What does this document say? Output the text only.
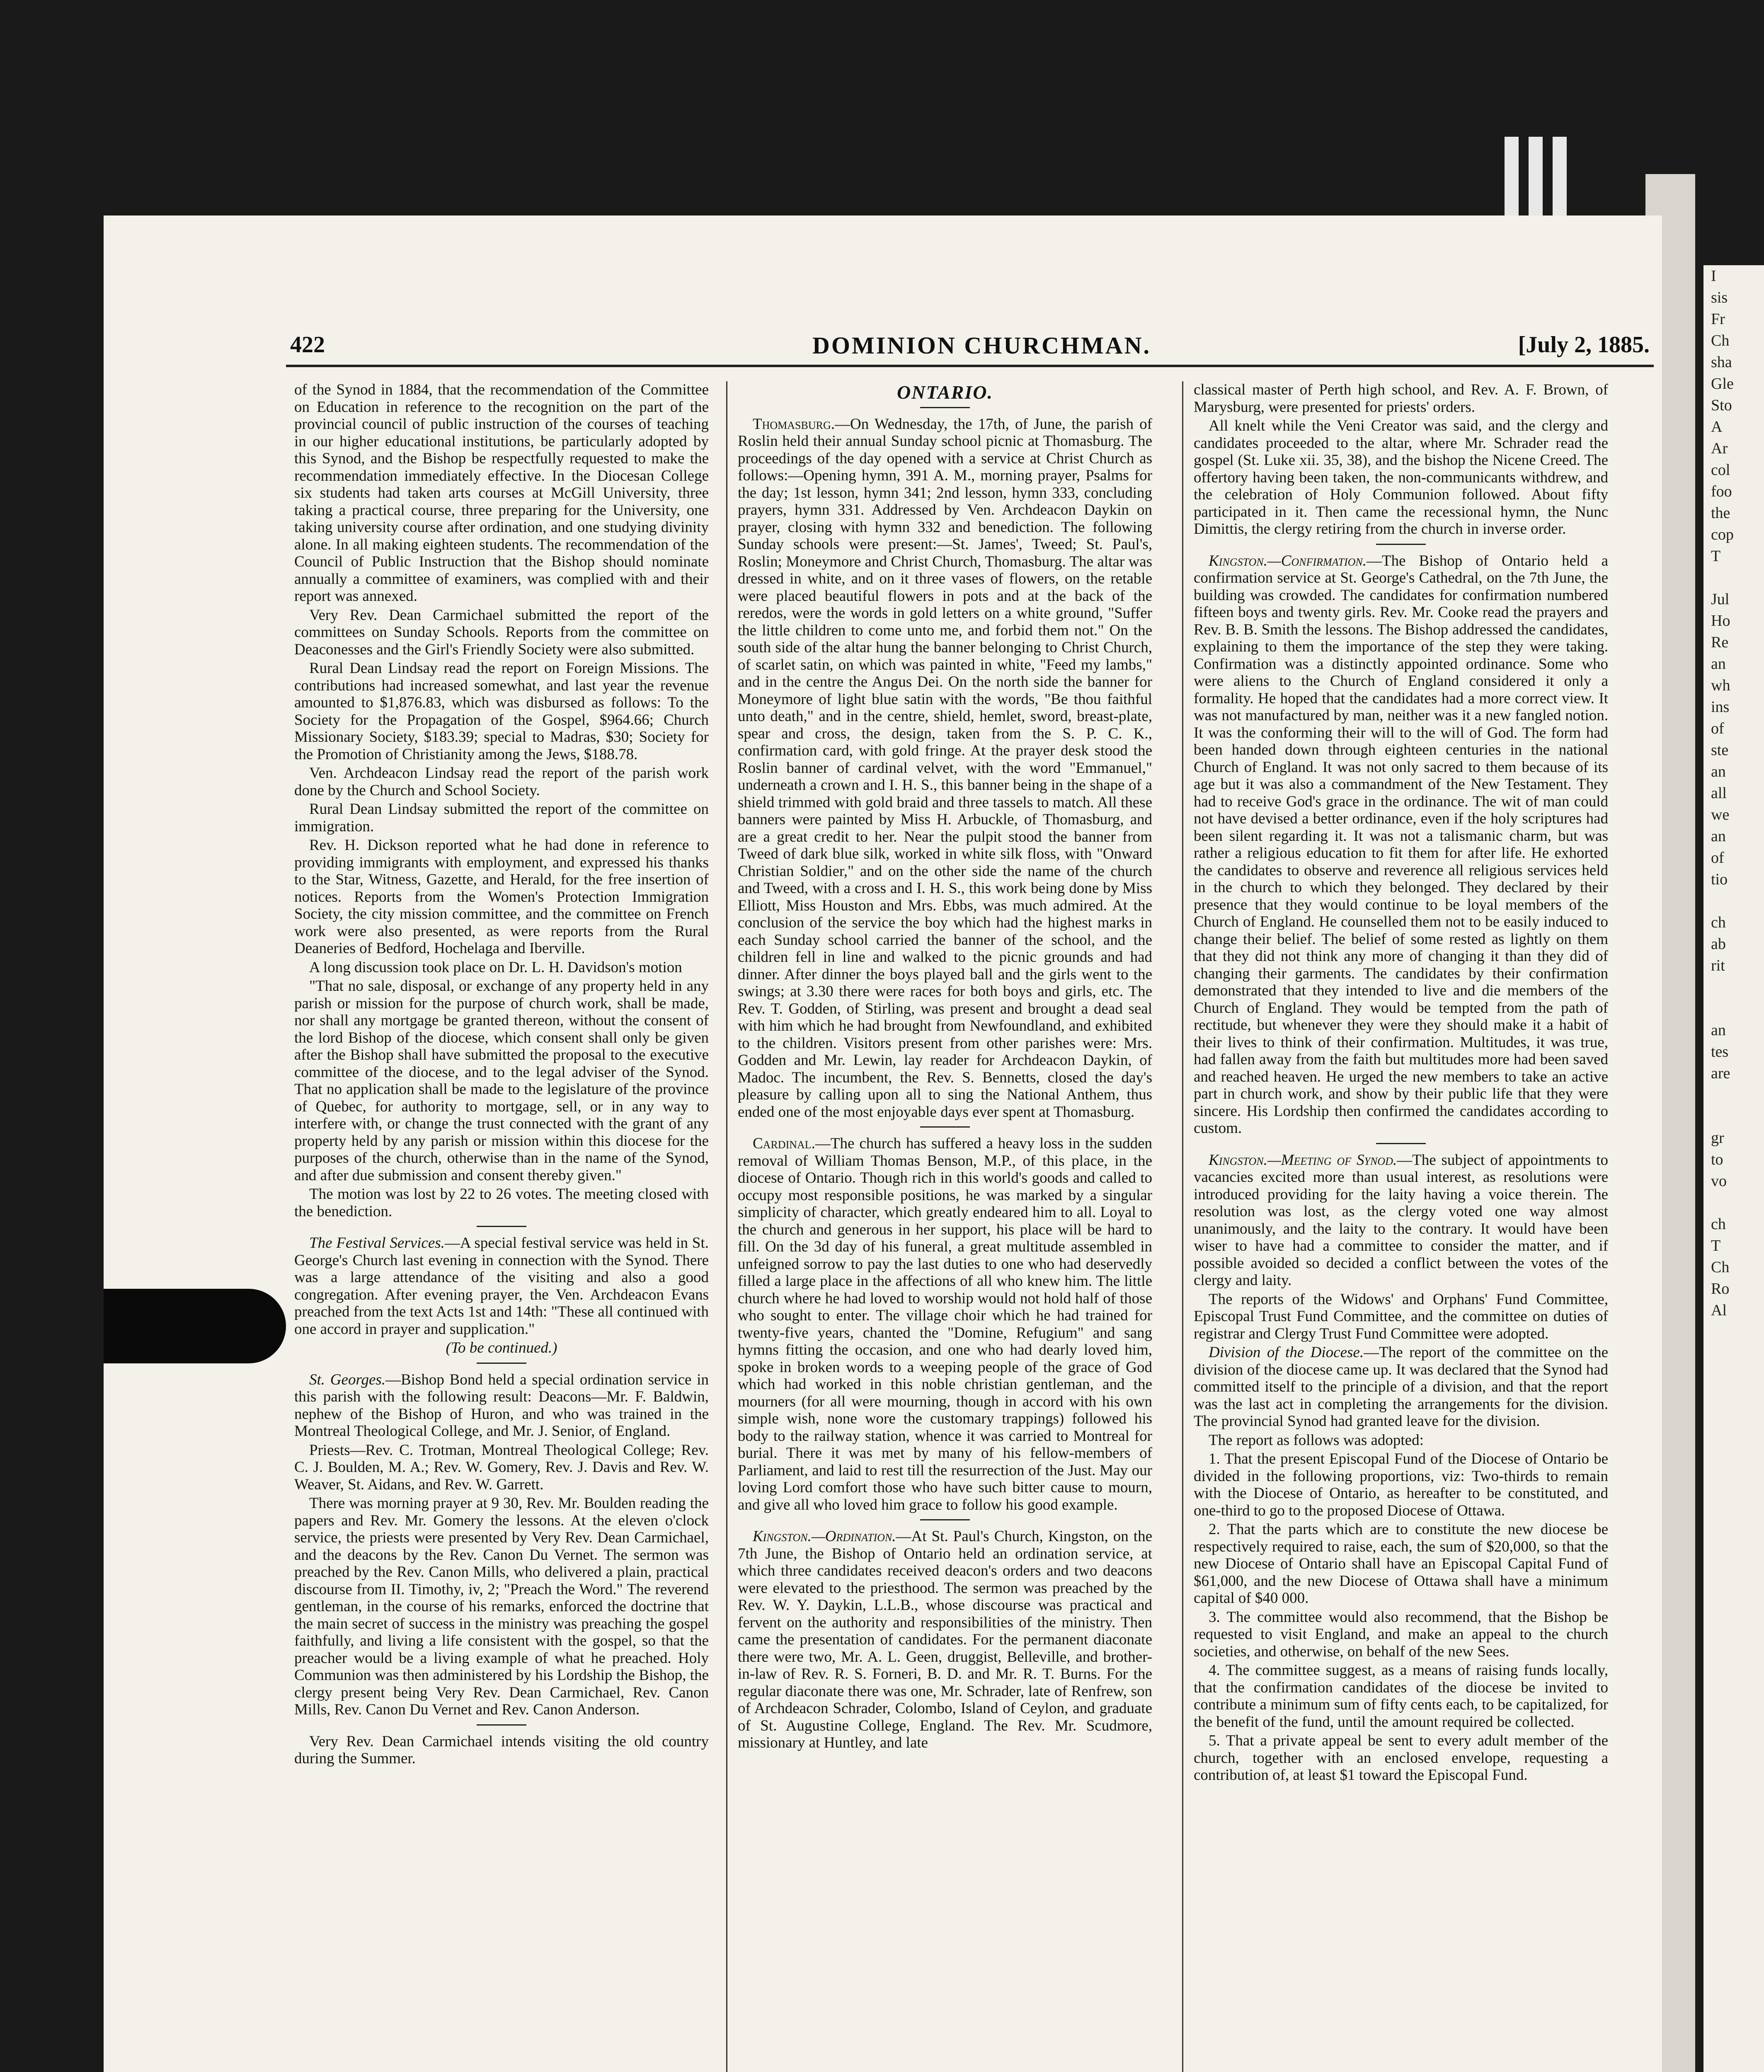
I
sis
Fr
Ch
sha
Gle
Sto
A
Ar
col
foo
the
cop
T

Jul
Ho
Re
an
wh
ins
of
ste
an
all
we
an
of
tio

ch
ab
rit

an
tes
are

gr
to
vo

ch
T
Ch
Ro
Al
422	DOMINION CHURCHMAN.	[July 2, 1885.

of the Synod in 1884, that the recommendation of the Committee on Education in reference to the recognition on the part of the provincial council of public instruction of the courses of teaching in our higher educational institutions, be particularly adopted by this Synod, and the Bishop be respectfully requested to make the recommendation immediately effective. In the Diocesan College six students had taken arts courses at McGill University, three taking a practical course, three preparing for the University, one taking university course after ordination, and one studying divinity alone. In all making eighteen students. The recommendation of the Council of Public Instruction that the Bishop should nominate annually a committee of examiners, was complied with and their report was annexed.

Very Rev. Dean Carmichael submitted the report of the committees on Sunday Schools. Reports from the committee on Deaconesses and the Girl's Friendly Society were also submitted.

Rural Dean Lindsay read the report on Foreign Missions. The contributions had increased somewhat, and last year the revenue amounted to $1,876.83, which was disbursed as follows: To the Society for the Propagation of the Gospel, $964.66; Church Missionary Society, $183.39; special to Madras, $30; Society for the Promotion of Christianity among the Jews, $188.78.

Ven. Archdeacon Lindsay read the report of the parish work done by the Church and School Society.

Rural Dean Lindsay submitted the report of the committee on immigration.

Rev. H. Dickson reported what he had done in reference to providing immigrants with employment, and expressed his thanks to the Star, Witness, Gazette, and Herald, for the free insertion of notices. Reports from the Women's Protection Immigration Society, the city mission committee, and the committee on French work were also presented, as were reports from the Rural Deaneries of Bedford, Hochelaga and Iberville.

A long discussion took place on Dr. L. H. Davidson's motion

"That no sale, disposal, or exchange of any property held in any parish or mission for the purpose of church work, shall be made, nor shall any mortgage be granted thereon, without the consent of the lord Bishop of the diocese, which consent shall only be given after the Bishop shall have submitted the proposal to the executive committee of the diocese, and to the legal adviser of the Synod. That no application shall be made to the legislature of the province of Quebec, for authority to mortgage, sell, or in any way to interfere with, or change the trust connected with the grant of any property held by any parish or mission within this diocese for the purposes of the church, otherwise than in the name of the Synod, and after due submission and consent thereby given."

The motion was lost by 22 to 26 votes. The meeting closed with the benediction.

The Festival Services.—A special festival service was held in St. George's Church last evening in connection with the Synod. There was a large attendance of the visiting and also a good congregation. After evening prayer, the Ven. Archdeacon Evans preached from the text Acts 1st and 14th: "These all continued with one accord in prayer and supplication."

(To be continued.)

St. Georges.—Bishop Bond held a special ordination service in this parish with the following result: Deacons—Mr. F. Baldwin, nephew of the Bishop of Huron, and who was trained in the Montreal Theological College, and Mr. J. Senior, of England.

Priests—Rev. C. Trotman, Montreal Theological College; Rev. C. J. Boulden, M. A.; Rev. W. Gomery, Rev. J. Davis and Rev. W. Weaver, St. Aidans, and Rev. W. Garrett.

There was morning prayer at 9 30, Rev. Mr. Boulden reading the papers and Rev. Mr. Gomery the lessons. At the eleven o'clock service, the priests were presented by Very Rev. Dean Carmichael, and the deacons by the Rev. Canon Du Vernet. The sermon was preached by the Rev. Canon Mills, who delivered a plain, practical discourse from II. Timothy, iv, 2; "Preach the Word." The reverend gentleman, in the course of his remarks, enforced the doctrine that the main secret of success in the ministry was preaching the gospel faithfully, and living a life consistent with the gospel, so that the preacher would be a living example of what he preached. Holy Communion was then administered by his Lordship the Bishop, the clergy present being Very Rev. Dean Carmichael, Rev. Canon Mills, Rev. Canon Du Vernet and Rev. Canon Anderson.

Very Rev. Dean Carmichael intends visiting the old country during the Summer.

ONTARIO.

Thomasburg.—On Wednesday, the 17th, of June, the parish of Roslin held their annual Sunday school picnic at Thomasburg. The proceedings of the day opened with a service at Christ Church as follows:—Opening hymn, 391 A. M., morning prayer, Psalms for the day; 1st lesson, hymn 341; 2nd lesson, hymn 333, concluding prayers, hymn 331. Addressed by Ven. Archdeacon Daykin on prayer, closing with hymn 332 and benediction. The following Sunday schools were present:—St. James', Tweed; St. Paul's, Roslin; Moneymore and Christ Church, Thomasburg. The altar was dressed in white, and on it three vases of flowers, on the retable were placed beautiful flowers in pots and at the back of the reredos, were the words in gold letters on a white ground, "Suffer the little children to come unto me, and forbid them not." On the south side of the altar hung the banner belonging to Christ Church, of scarlet satin, on which was painted in white, "Feed my lambs," and in the centre the Angus Dei. On the north side the banner for Moneymore of light blue satin with the words, "Be thou faithful unto death," and in the centre, shield, hemlet, sword, breast-plate, spear and cross, the design, taken from the S. P. C. K., confirmation card, with gold fringe. At the prayer desk stood the Roslin banner of cardinal velvet, with the word "Emmanuel," underneath a crown and I. H. S., this banner being in the shape of a shield trimmed with gold braid and three tassels to match. All these banners were painted by Miss H. Arbuckle, of Thomasburg, and are a great credit to her. Near the pulpit stood the banner from Tweed of dark blue silk, worked in white silk floss, with "Onward Christian Soldier," and on the other side the name of the church and Tweed, with a cross and I. H. S., this work being done by Miss Elliott, Miss Houston and Mrs. Ebbs, was much admired. At the conclusion of the service the boy which had the highest marks in each Sunday school carried the banner of the school, and the children fell in line and walked to the picnic grounds and had dinner. After dinner the boys played ball and the girls went to the swings; at 3.30 there were races for both boys and girls, etc. The Rev. T. Godden, of Stirling, was present and brought a dead seal with him which he had brought from Newfoundland, and exhibited to the children. Visitors present from other parishes were: Mrs. Godden and Mr. Lewin, lay reader for Archdeacon Daykin, of Madoc. The incumbent, the Rev. S. Bennetts, closed the day's pleasure by calling upon all to sing the National Anthem, thus ended one of the most enjoyable days ever spent at Thomasburg.

Cardinal.—The church has suffered a heavy loss in the sudden removal of William Thomas Benson, M.P., of this place, in the diocese of Ontario. Though rich in this world's goods and called to occupy most responsible positions, he was marked by a singular simplicity of character, which greatly endeared him to all. Loyal to the church and generous in her support, his place will be hard to fill. On the 3d day of his funeral, a great multitude assembled in unfeigned sorrow to pay the last duties to one who had deservedly filled a large place in the affections of all who knew him. The little church where he had loved to worship would not hold half of those who sought to enter. The village choir which he had trained for twenty-five years, chanted the "Domine, Refugium" and sang hymns fitting the occasion, and one who had dearly loved him, spoke in broken words to a weeping people of the grace of God which had worked in this noble christian gentleman, and the mourners (for all were mourning, though in accord with his own simple wish, none wore the customary trappings) followed his body to the railway station, whence it was carried to Montreal for burial. There it was met by many of his fellow-members of Parliament, and laid to rest till the resurrection of the Just. May our loving Lord comfort those who have such bitter cause to mourn, and give all who loved him grace to follow his good example.

Kingston.—Ordination.—At St. Paul's Church, Kingston, on the 7th June, the Bishop of Ontario held an ordination service, at which three candidates received deacon's orders and two deacons were elevated to the priesthood. The sermon was preached by the Rev. W. Y. Daykin, L.L.B., whose discourse was practical and fervent on the authority and responsibilities of the ministry. Then came the presentation of candidates. For the permanent diaconate there were two, Mr. A. L. Geen, druggist, Belleville, and brother-in-law of Rev. R. S. Forneri, B. D. and Mr. R. T. Burns. For the regular diaconate there was one, Mr. Schrader, late of Renfrew, son of Archdeacon Schrader, Colombo, Island of Ceylon, and graduate of St. Augustine College, England. The Rev. Mr. Scudmore, missionary at Huntley, and late

classical master of Perth high school, and Rev. A. F. Brown, of Marysburg, were presented for priests' orders.

All knelt while the Veni Creator was said, and the clergy and candidates proceeded to the altar, where Mr. Schrader read the gospel (St. Luke xii. 35, 38), and the bishop the Nicene Creed. The offertory having been taken, the non-communicants withdrew, and the celebration of Holy Communion followed. About fifty participated in it. Then came the recessional hymn, the Nunc Dimittis, the clergy retiring from the church in inverse order.

Kingston.—Confirmation.—The Bishop of Ontario held a confirmation service at St. George's Cathedral, on the 7th June, the building was crowded. The candidates for confirmation numbered fifteen boys and twenty girls. Rev. Mr. Cooke read the prayers and Rev. B. B. Smith the lessons. The Bishop addressed the candidates, explaining to them the importance of the step they were taking. Confirmation was a distinctly appointed ordinance. Some who were aliens to the Church of England considered it only a formality. He hoped that the candidates had a more correct view. It was not manufactured by man, neither was it a new fangled notion. It was the conforming their will to the will of God. The form had been handed down through eighteen centuries in the national Church of England. It was not only sacred to them because of its age but it was also a commandment of the New Testament. They had to receive God's grace in the ordinance. The wit of man could not have devised a better ordinance, even if the holy scriptures had been silent regarding it. It was not a talismanic charm, but was rather a religious education to fit them for after life. He exhorted the candidates to observe and reverence all religious services held in the church to which they belonged. They declared by their presence that they would continue to be loyal members of the Church of England. He counselled them not to be easily induced to change their belief. The belief of some rested as lightly on them that they did not think any more of changing it than they did of changing their garments. The candidates by their confirmation demonstrated that they intended to live and die members of the Church of England. They would be tempted from the path of rectitude, but whenever they were they should make it a habit of their lives to think of their confirmation. Multitudes, it was true, had fallen away from the faith but multitudes more had been saved and reached heaven. He urged the new members to take an active part in church work, and show by their public life that they were sincere. His Lordship then confirmed the candidates according to custom.

Kingston.—Meeting of Synod.—The subject of appointments to vacancies excited more than usual interest, as resolutions were introduced providing for the laity having a voice therein. The resolution was lost, as the clergy voted one way almost unanimously, and the laity to the contrary. It would have been wiser to have had a committee to consider the matter, and if possible avoided so decided a conflict between the votes of the clergy and laity.

The reports of the Widows' and Orphans' Fund Committee, Episcopal Trust Fund Committee, and the committee on duties of registrar and Clergy Trust Fund Committee were adopted.

Division of the Diocese.—The report of the committee on the division of the diocese came up. It was declared that the Synod had committed itself to the principle of a division, and that the report was the last act in completing the arrangements for the division. The provincial Synod had granted leave for the division.

The report as follows was adopted:

1. That the present Episcopal Fund of the Diocese of Ontario be divided in the following proportions, viz: Two-thirds to remain with the Diocese of Ontario, as hereafter to be constituted, and one-third to go to the proposed Diocese of Ottawa.

2. That the parts which are to constitute the new diocese be respectively required to raise, each, the sum of $20,000, so that the new Diocese of Ontario shall have an Episcopal Capital Fund of $61,000, and the new Diocese of Ottawa shall have a minimum capital of $40 000.

3. The committee would also recommend, that the Bishop be requested to visit England, and make an appeal to the church societies, and otherwise, on behalf of the new Sees.

4. The committee suggest, as a means of raising funds locally, that the confirmation candidates of the diocese be invited to contribute a minimum sum of fifty cents each, to be capitalized, for the benefit of the fund, until the amount required be collected.

5. That a private appeal be sent to every adult member of the church, together with an enclosed envelope, requesting a contribution of, at least $1 toward the Episcopal Fund.
